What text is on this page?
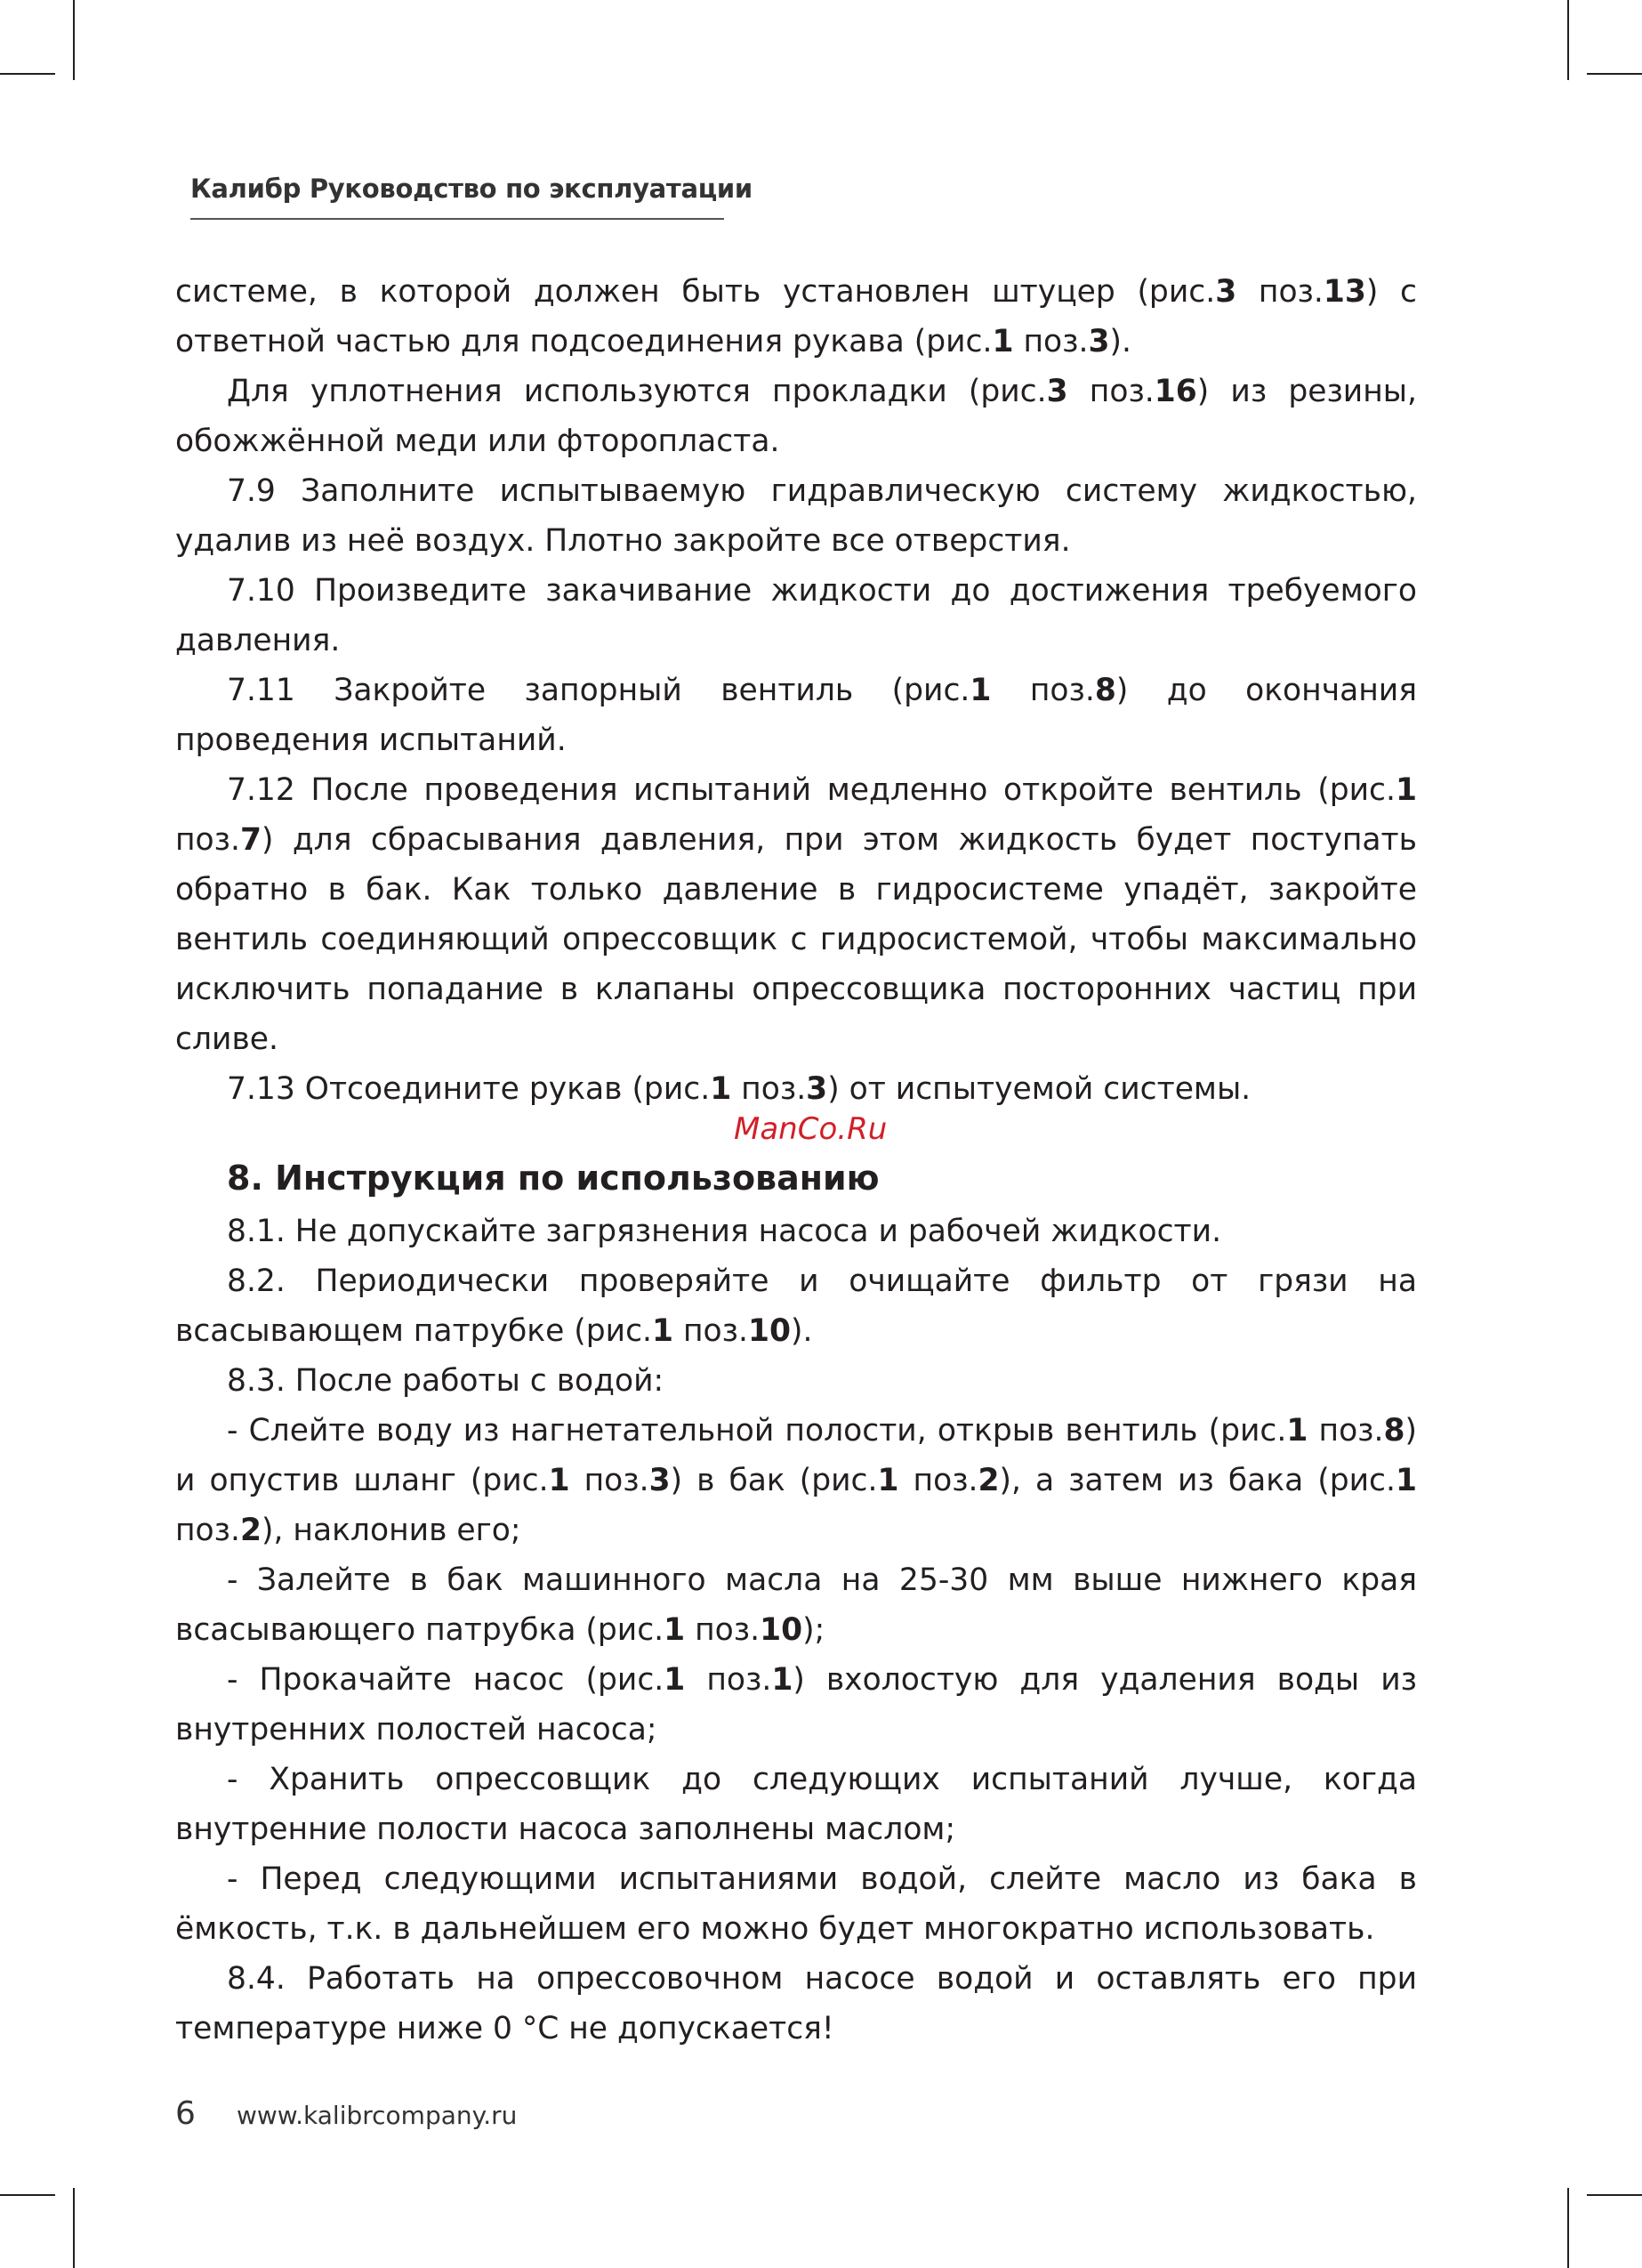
Калибр Руководство по эксплуатации

системе, в которой должен быть установлен штуцер (рис.3 поз.13) с ответной частью для подсоединения рукава (рис.1 поз.3).

Для уплотнения используются прокладки (рис.3 поз.16) из резины, обожжённой меди или фторопласта.

7.9 Заполните испытываемую гидравлическую систему жидкостью, удалив из неё воздух. Плотно закройте все отверстия.

7.10 Произведите закачивание жидкости до достижения требуемого давления.

7.11 Закройте запорный вентиль (рис.1 поз.8) до окончания проведения испытаний.

7.12 После проведения испытаний медленно откройте вентиль (рис.1 поз.7) для сбрасывания давления, при этом жидкость будет поступать обратно в бак. Как только давление в гидросистеме упадёт, закройте вентиль соединяющий опрессовщик с гидросистемой, чтобы максимально исключить попадание в клапаны опрессовщика посторонних частиц при сливе.

7.13 Отсоедините рукав (рис.1 поз.3) от испытуемой системы.

8. Инструкция по использованию

8.1. Не допускайте загрязнения насоса и рабочей жидкости.

8.2. Периодически проверяйте и очищайте фильтр от грязи на всасывающем патрубке (рис.1 поз.10).

8.3. После работы с водой:

- Слейте воду из нагнетательной полости, открыв вентиль (рис.1 поз.8) и опустив шланг (рис.1 поз.3) в бак (рис.1 поз.2), а затем из бака (рис.1 поз.2), наклонив его;

- Залейте в бак машинного масла на 25-30 мм выше нижнего края всасывающего патрубка (рис.1 поз.10);

- Прокачайте насос (рис.1 поз.1) вхолостую для удаления воды из внутренних полостей насоса;

- Хранить опрессовщик до следующих испытаний лучше, когда внутренние полости насоса заполнены маслом;

- Перед следующими испытаниями водой, слейте масло из бака в ёмкость, т.к. в дальнейшем его можно будет многократно использовать.

8.4. Работать на опрессовочном насосе водой и оставлять его при температуре ниже 0 °С не допускается!

ManCo.Ru
6 www.kalibrcompany.ru
